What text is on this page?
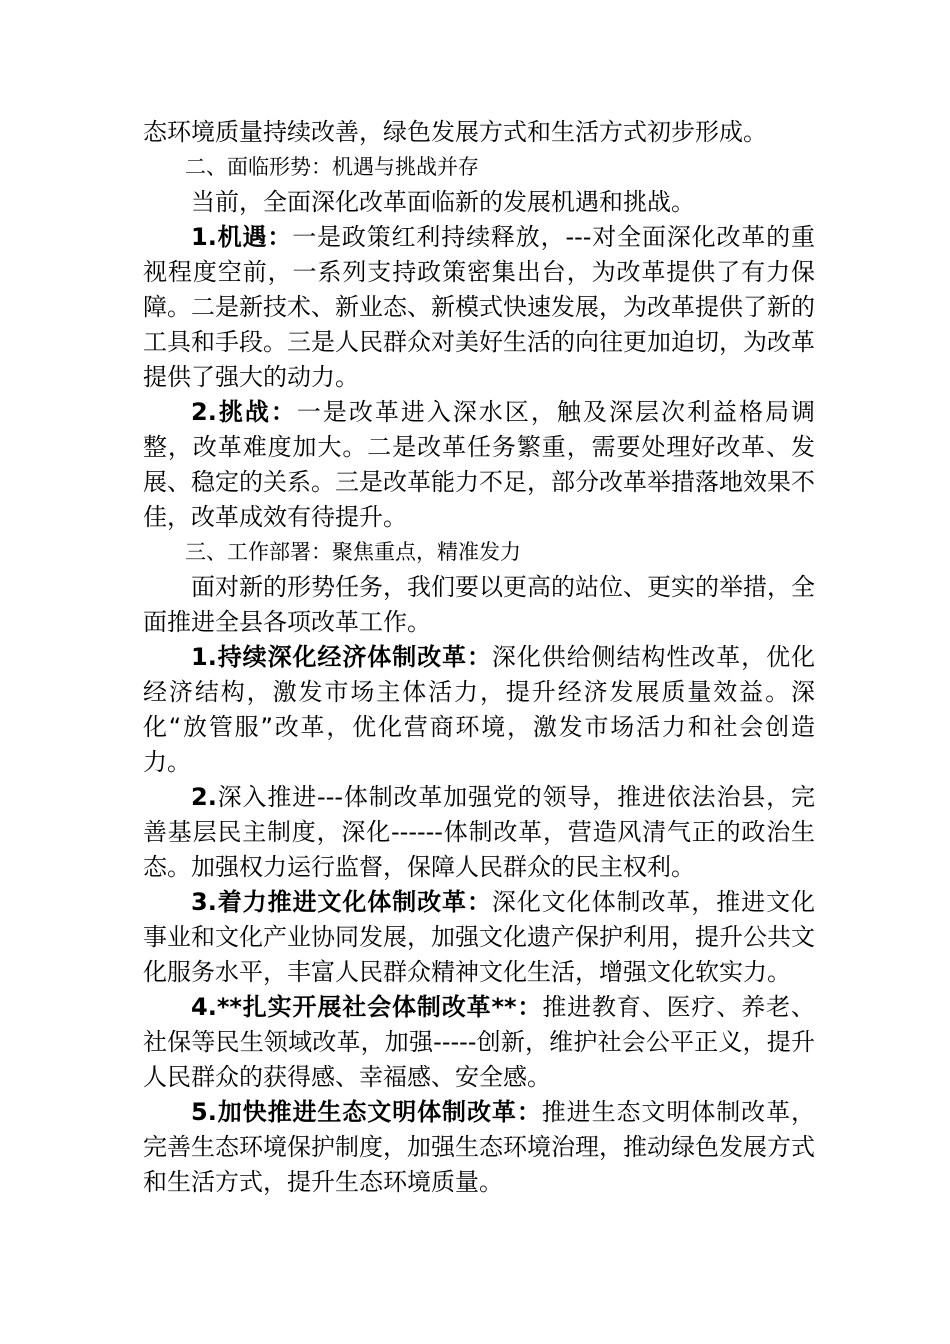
态环境质量持续改善，绿色发展方式和生活方式初步形成。

二、面临形势：机遇与挑战并存

当前，全面深化改革面临新的发展机遇和挑战。

1.机遇：一是政策红利持续释放，---对全面深化改革的重视程度空前，一系列支持政策密集出台，为改革提供了有力保障。二是新技术、新业态、新模式快速发展，为改革提供了新的工具和手段。三是人民群众对美好生活的向往更加迫切，为改革提供了强大的动力。

2.挑战：一是改革进入深水区，触及深层次利益格局调整，改革难度加大。二是改革任务繁重，需要处理好改革、发展、稳定的关系。三是改革能力不足，部分改革举措落地效果不佳，改革成效有待提升。

三、工作部署：聚焦重点，精准发力

面对新的形势任务，我们要以更高的站位、更实的举措，全面推进全县各项改革工作。

1.持续深化经济体制改革：深化供给侧结构性改革，优化经济结构，激发市场主体活力，提升经济发展质量效益。深化“放管服”改革，优化营商环境，激发市场活力和社会创造力。

2.深入推进---体制改革加强党的领导，推进依法治县，完善基层民主制度，深化------体制改革，营造风清气正的政治生态。加强权力运行监督，保障人民群众的民主权利。

3.着力推进文化体制改革：深化文化体制改革，推进文化事业和文化产业协同发展，加强文化遗产保护利用，提升公共文化服务水平，丰富人民群众精神文化生活，增强文化软实力。

4.**扎实开展社会体制改革**：推进教育、医疗、养老、社保等民生领域改革，加强-----创新，维护社会公平正义，提升人民群众的获得感、幸福感、安全感。

5.加快推进生态文明体制改革：推进生态文明体制改革，完善生态环境保护制度，加强生态环境治理，推动绿色发展方式和生活方式，提升生态环境质量。
